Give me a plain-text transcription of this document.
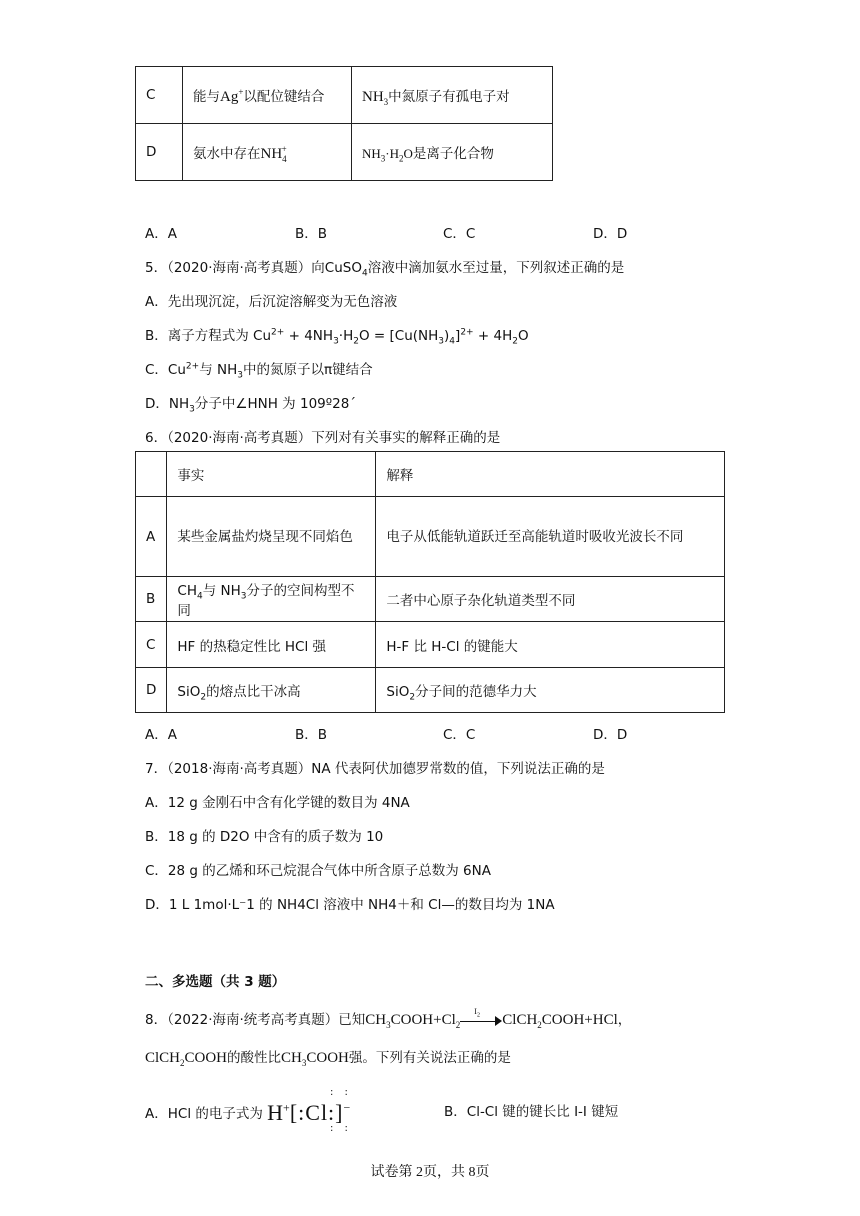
C	能与Ag+以配位键结合	$NH_3$中氮原子有孤电子对
D	氨水中存在$NH_4^+$	$NH_3\cdot H_2O$是离子化合物
A．A	B．B	C．C	D．D
5．（2020·海南·高考真题）向CuSO$_4$溶液中滴加氨水至过量，下列叙述正确的是
A．先出现沉淀，后沉淀溶解变为无色溶液
B．离子方程式为 $Cu^{2+} + 4NH_3\cdot H_2O = [Cu(NH_3)_4]^{2+} + 4H_2O$
C．$Cu^{2+}$与 $NH_3$中的氮原子以π键结合
D．$NH_3$分子中∠HNH 为 109º28´
6．（2020·海南·高考真题）下列对有关事实的解释正确的是
	事实	解释
A	某些金属盐灼烧呈现不同焰色	电子从低能轨道跃迁至高能轨道时吸收光波长不同
B	$CH_4$与 $NH_3$分子的空间构型不同	二者中心原子杂化轨道类型不同
C	HF 的热稳定性比 HCl 强	H-F 比 H-Cl 的键能大
D	SiO$_2$的熔点比干冰高	SiO$_2$分子间的范德华力大
A．A	B．B	C．C	D．D
7．（2018·海南·高考真题）NA 代表阿伏加德罗常数的值，下列说法正确的是
A．12 g 金刚石中含有化学键的数目为 4NA
B．18 g 的 D2O 中含有的质子数为 10
C．28 g 的乙烯和环己烷混合气体中所含原子总数为 6NA
D．1 L 1mol·L⁻1 的 NH4Cl 溶液中 NH4＋和 Cl—的数目均为 1NA
二、多选题（共 3 题）
8．（2022·海南·统考高考真题）已知$CH_3COOH+Cl_2$
$I_2$ ClCH$_2$COOH+HCl，
ClCH$_2$COOH的酸性比$CH_3COOH$强。下列有关说法正确的是
A．HCl 的电子式为 H+[:Cl:]−
: :
: :
B．Cl-Cl 键的键长比 I-I 键短
试卷第 2页，共 8页
